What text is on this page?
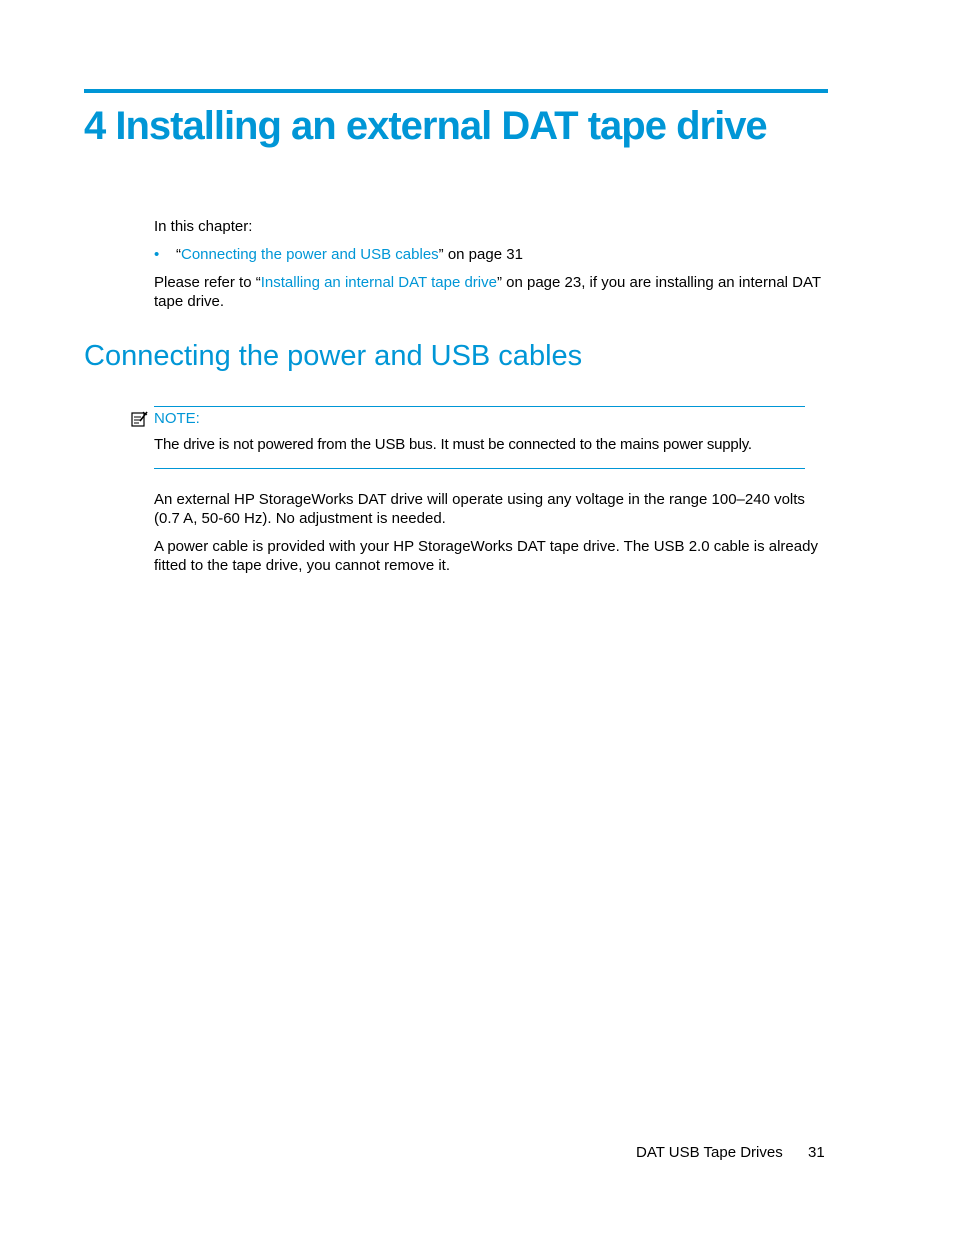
4 Installing an external DAT tape drive

In this chapter:

• “Connecting the power and USB cables” on page 31

Please refer to “Installing an internal DAT tape drive” on page 23, if you are installing an internal DAT tape drive.

Connecting the power and USB cables
NOTE:
The drive is not powered from the USB bus. It must be connected to the mains power supply.

An external HP StorageWorks DAT drive will operate using any voltage in the range 100–240 volts (0.7 A, 50-60 Hz). No adjustment is needed.

A power cable is provided with your HP StorageWorks DAT tape drive. The USB 2.0 cable is already fitted to the tape drive, you cannot remove it.

DAT USB Tape Drives 31
